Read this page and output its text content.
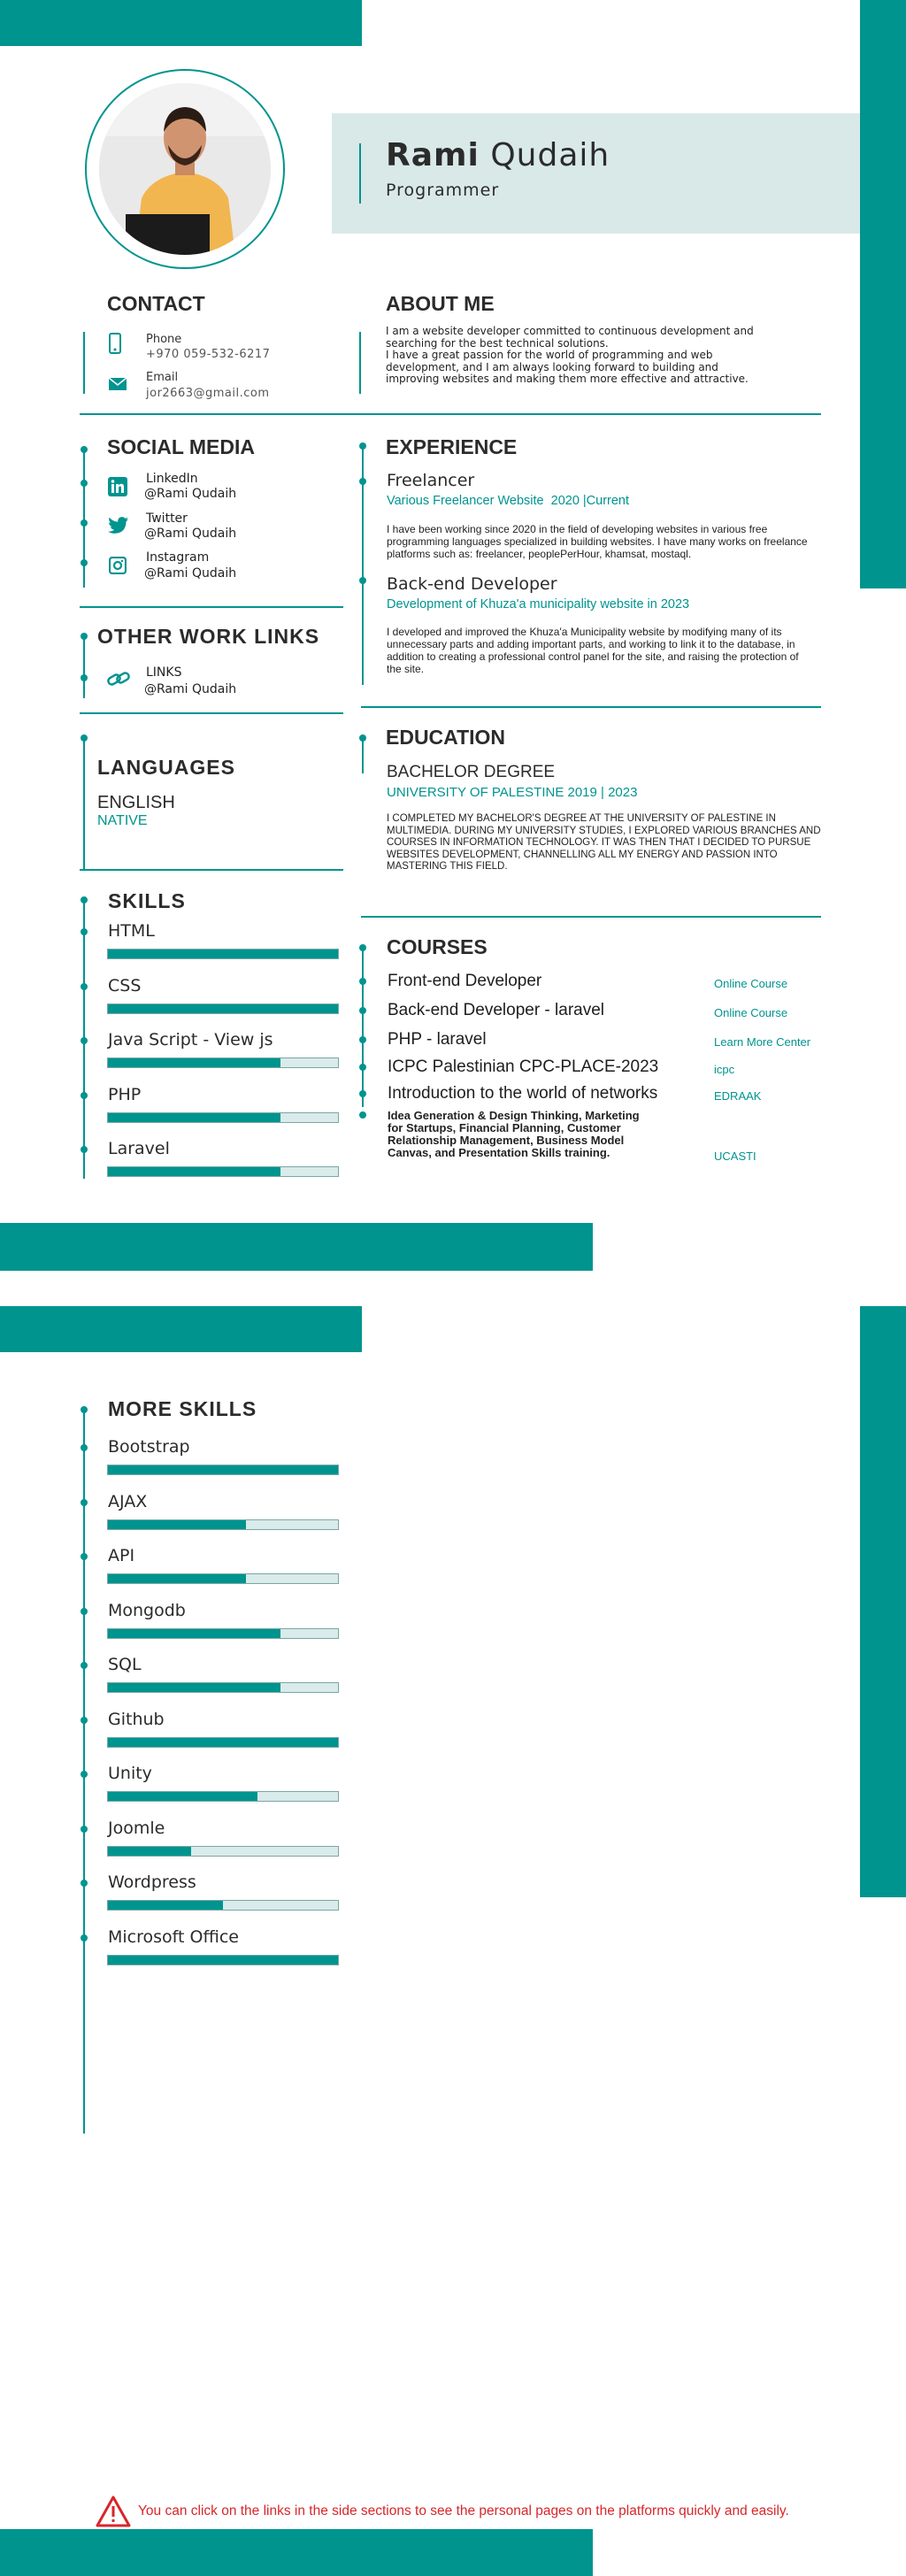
Rami Qudaih
Programmer
CONTACT
Phone
+970 059-532-6217
Email
jor2663@gmail.com
ABOUT ME
I am a website developer committed to continuous development and
searching for the best technical solutions.
I have a great passion for the world of programming and web
development, and I am always looking forward to building and
improving websites and making them more effective and attractive.
SOCIAL MEDIA
LinkedIn
@Rami Qudaih
Twitter
@Rami Qudaih
Instagram
@Rami Qudaih
OTHER WORK LINKS
LINKS
@Rami Qudaih
LANGUAGES
ENGLISH
NATIVE
EXPERIENCE
Freelancer
Various Freelancer Website  2020 |Current
I have been working since 2020 in the field of developing websites in various free
programming languages specialized in building websites. I have many works on freelance
platforms such as: freelancer, peoplePerHour, khamsat, mostaql.
Back-end Developer
Development of Khuza'a municipality website in 2023
I developed and improved the Khuza'a Municipality website by modifying many of its
unnecessary parts and adding important parts, and working to link it to the database, in
addition to creating a professional control panel for the site, and raising the protection of
the site.
EDUCATION
BACHELOR DEGREE
UNIVERSITY OF PALESTINE 2019 | 2023
I COMPLETED MY BACHELOR'S DEGREE AT THE UNIVERSITY OF PALESTINE IN
MULTIMEDIA. DURING MY UNIVERSITY STUDIES, I EXPLORED VARIOUS BRANCHES AND
COURSES IN INFORMATION TECHNOLOGY. IT WAS THEN THAT I DECIDED TO PURSUE
WEBSITES DEVELOPMENT, CHANNELLING ALL MY ENERGY AND PASSION INTO
MASTERING THIS FIELD.
SKILLS
HTML
CSS
Java Script - View js
PHP
Laravel
COURSES
Front-end Developer	Online Course
Back-end Developer - laravel	Online Course
PHP - laravel	Learn More Center
ICPC Palestinian CPC-PLACE-2023	icpc
Introduction to the world of networks	EDRAAK
Idea Generation & Design Thinking, Marketing
for Startups, Financial Planning, Customer
Relationship Management, Business Model
Canvas, and Presentation Skills training.	UCASTI
MORE SKILLS
Bootstrap
AJAX
API
Mongodb
SQL
Github
Unity
Joomle
Wordpress
Microsoft Office
You can click on the links in the side sections to see the personal pages on the platforms quickly and easily.
